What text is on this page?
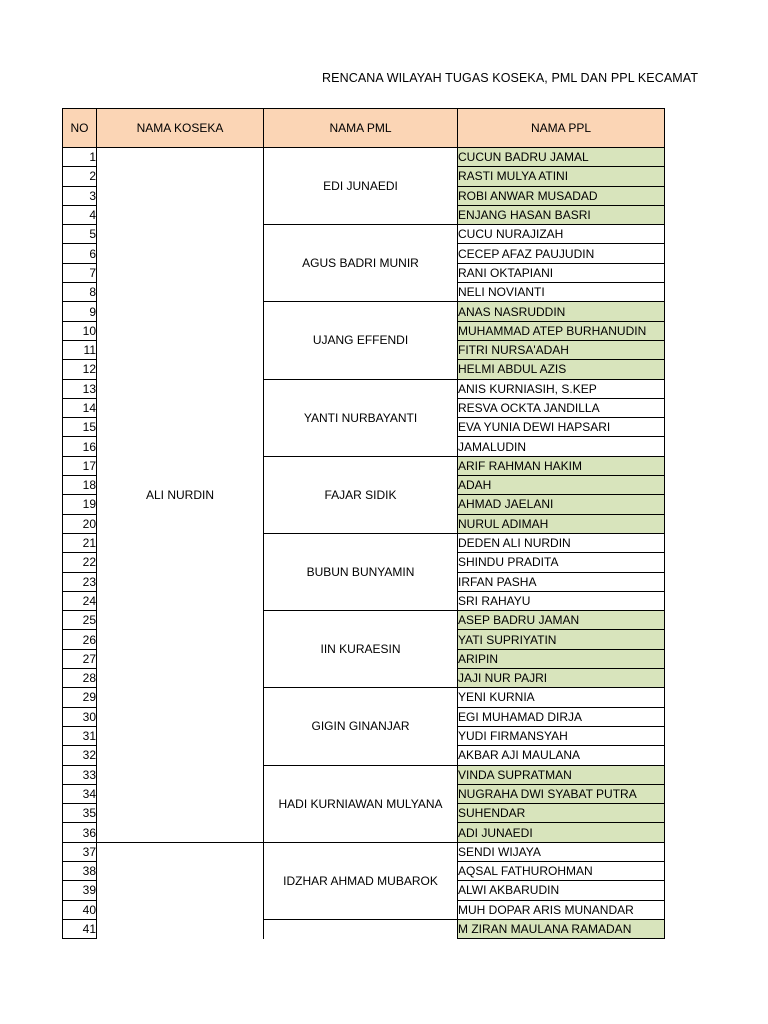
RENCANA WILAYAH TUGAS KOSEKA, PML DAN PPL KECAMAT
NO	NAMA KOSEKA	NAMA PML	NAMA PPL
1	ALI NURDIN	EDI JUNAEDI	CUCUN BADRU JAMAL
2			RASTI MULYA ATINI
3			ROBI ANWAR MUSADAD
4			ENJANG HASAN BASRI
5		AGUS BADRI MUNIR	CUCU NURAJIZAH
6			CECEP AFAZ PAUJUDIN
7			RANI OKTAPIANI
8			NELI NOVIANTI
9		UJANG EFFENDI	ANAS NASRUDDIN
10			MUHAMMAD ATEP BURHANUDIN
11			FITRI NURSA'ADAH
12			HELMI ABDUL AZIS
13		YANTI NURBAYANTI	ANIS KURNIASIH, S.KEP
14			RESVA OCKTA JANDILLA
15			EVA YUNIA DEWI HAPSARI
16			JAMALUDIN
17		FAJAR SIDIK	ARIF RAHMAN HAKIM
18			ADAH
19			AHMAD JAELANI
20			NURUL ADIMAH
21		BUBUN BUNYAMIN	DEDEN ALI NURDIN
22			SHINDU PRADITA
23			IRFAN PASHA
24			SRI RAHAYU
25		IIN KURAESIN	ASEP BADRU JAMAN
26			YATI SUPRIYATIN
27			ARIPIN
28			JAJI NUR PAJRI
29		GIGIN GINANJAR	YENI KURNIA
30			EGI MUHAMAD DIRJA
31			YUDI FIRMANSYAH
32			AKBAR AJI MAULANA
33		HADI KURNIAWAN MULYANA	VINDA SUPRATMAN
34			NUGRAHA DWI SYABAT PUTRA
35			SUHENDAR
36			ADI JUNAEDI
37		IDZHAR AHMAD MUBAROK	SENDI WIJAYA
38			AQSAL FATHUROHMAN
39			ALWI AKBARUDIN
40			MUH DOPAR ARIS MUNANDAR
41			M ZIRAN MAULANA RAMADAN
